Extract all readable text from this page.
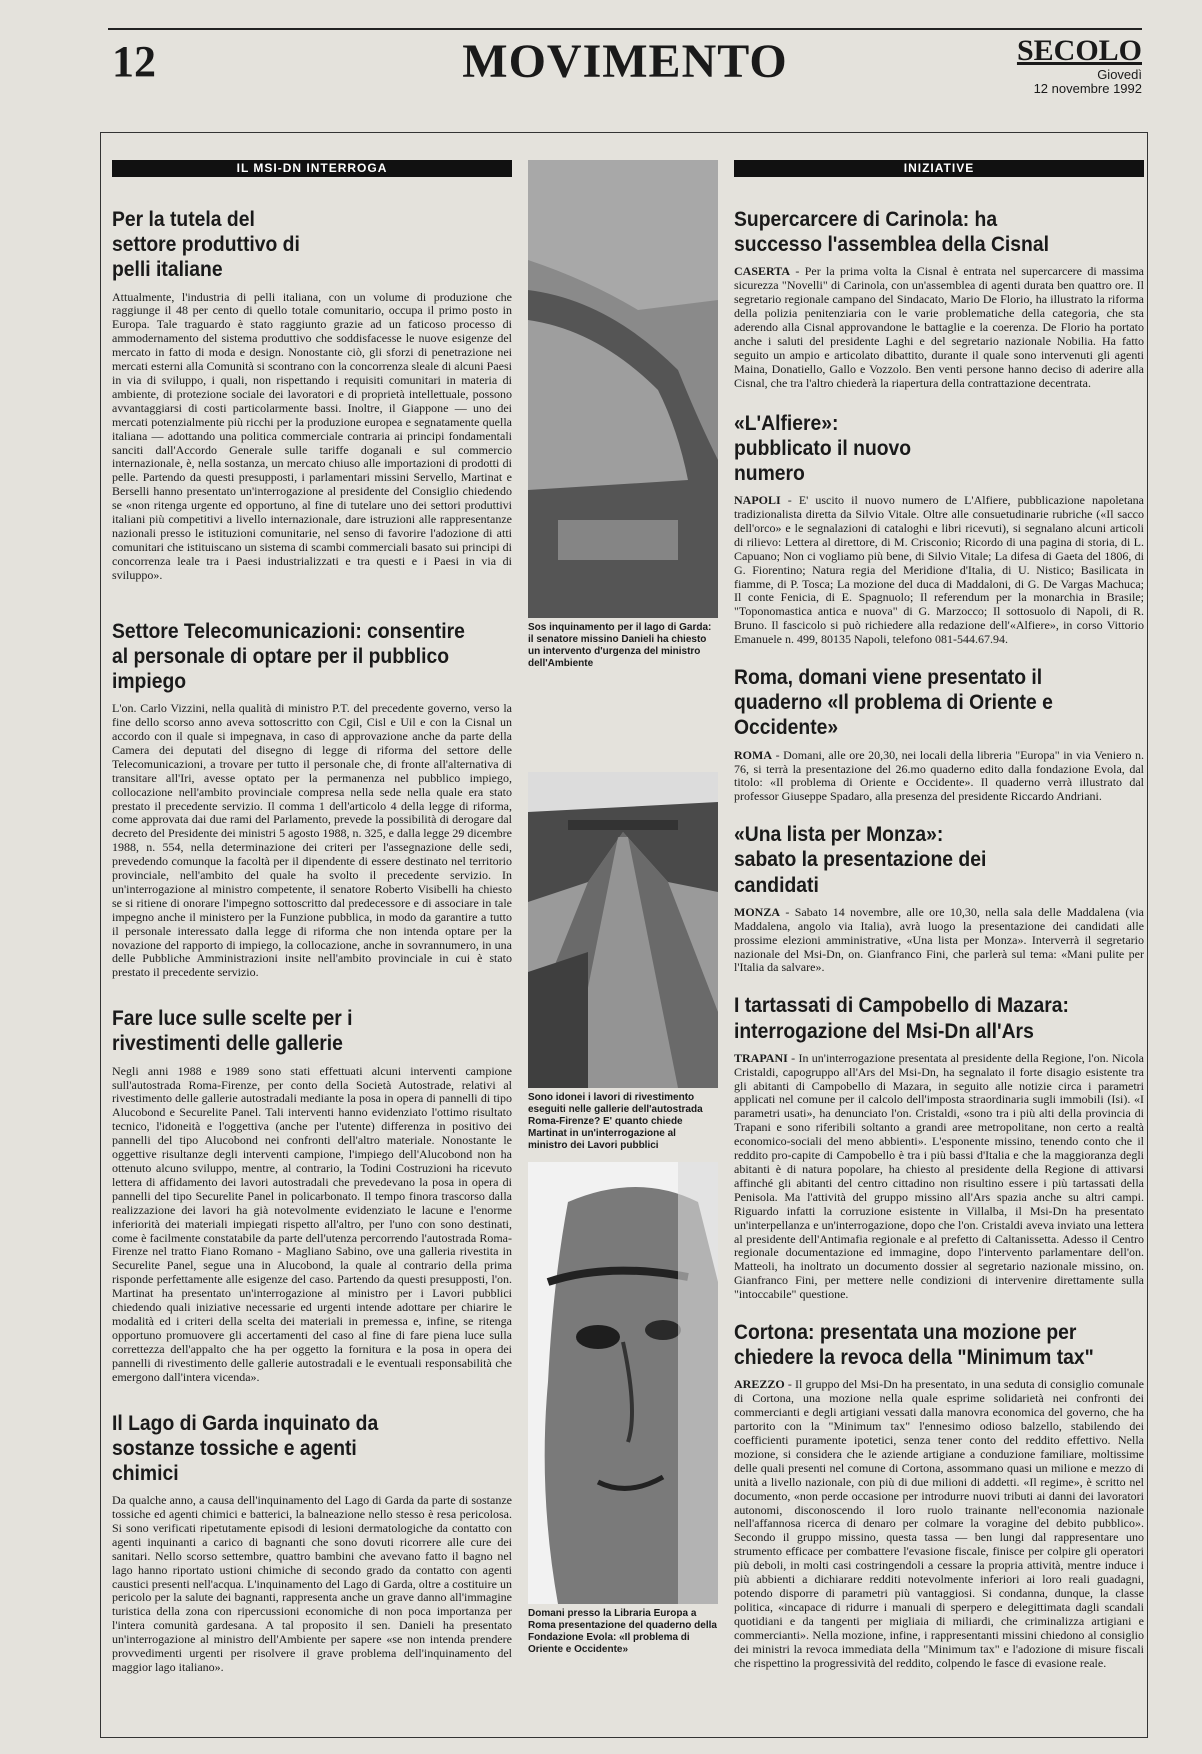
12	MOVIMENTO	SECOLO
Giovedì
12 novembre 1992
IL MSI-DN INTERROGA
Per la tutela del settore produttivo di pelli italiane

Attualmente, l'industria di pelli italiana, con un volume di produzione che raggiunge il 48 per cento di quello totale comunitario, occupa il primo posto in Europa. Tale traguardo è stato raggiunto grazie ad un faticoso processo di ammodernamento del sistema produttivo che soddisfacesse le nuove esigenze del mercato in fatto di moda e design. Nonostante ciò, gli sforzi di penetrazione nei mercati esterni alla Comunità si scontrano con la concorrenza sleale di alcuni Paesi in via di sviluppo, i quali, non rispettando i requisiti comunitari in materia di ambiente, di protezione sociale dei lavoratori e di proprietà intellettuale, possono avvantaggiarsi di costi particolarmente bassi. Inoltre, il Giappone — uno dei mercati potenzialmente più ricchi per la produzione europea e segnatamente quella italiana — adottando una politica commerciale contraria ai principi fondamentali sanciti dall'Accordo Generale sulle tariffe doganali e sul commercio internazionale, è, nella sostanza, un mercato chiuso alle importazioni di prodotti di pelle. Partendo da questi presupposti, i parlamentari missini Servello, Martinat e Berselli hanno presentato un'interrogazione al presidente del Consiglio chiedendo se «non ritenga urgente ed opportuno, al fine di tutelare uno dei settori produttivi italiani più competitivi a livello internazionale, dare istruzioni alle rappresentanze nazionali presso le istituzioni comunitarie, nel senso di favorire l'adozione di atti comunitari che istituiscano un sistema di scambi commerciali basato sui principi di concorrenza leale tra i Paesi industrializzati e tra questi e i Paesi in via di sviluppo».

Settore Telecomunicazioni: consentire al personale di optare per il pubblico impiego

L'on. Carlo Vizzini, nella qualità di ministro P.T. del precedente governo, verso la fine dello scorso anno aveva sottoscritto con Cgil, Cisl e Uil e con la Cisnal un accordo con il quale si impegnava, in caso di approvazione anche da parte della Camera dei deputati del disegno di legge di riforma del settore delle Telecomunicazioni, a trovare per tutto il personale che, di fronte all'alternativa di transitare all'Iri, avesse optato per la permanenza nel pubblico impiego, collocazione nell'ambito provinciale compresa nella sede nella quale era stato prestato il precedente servizio. Il comma 1 dell'articolo 4 della legge di riforma, come approvata dai due rami del Parlamento, prevede la possibilità di derogare dal decreto del Presidente dei ministri 5 agosto 1988, n. 325, e dalla legge 29 dicembre 1988, n. 554, nella determinazione dei criteri per l'assegnazione delle sedi, prevedendo comunque la facoltà per il dipendente di essere destinato nel territorio provinciale, nell'ambito del quale ha svolto il precedente servizio. In un'interrogazione al ministro competente, il senatore Roberto Visibelli ha chiesto se si ritiene di onorare l'impegno sottoscritto dal predecessore e di associare in tale impegno anche il ministero per la Funzione pubblica, in modo da garantire a tutto il personale interessato dalla legge di riforma che non intenda optare per la novazione del rapporto di impiego, la collocazione, anche in sovrannumero, in una delle Pubbliche Amministrazioni insite nell'ambito provinciale in cui è stato prestato il precedente servizio.

Fare luce sulle scelte per i rivestimenti delle gallerie

Negli anni 1988 e 1989 sono stati effettuati alcuni interventi campione sull'autostrada Roma-Firenze, per conto della Società Autostrade, relativi al rivestimento delle gallerie autostradali mediante la posa in opera di pannelli di tipo Alucobond e Securelite Panel. Tali interventi hanno evidenziato l'ottimo risultato tecnico, l'idoneità e l'oggettiva (anche per l'utente) differenza in positivo dei pannelli del tipo Alucobond nei confronti dell'altro materiale. Nonostante le oggettive risultanze degli interventi campione, l'impiego dell'Alucobond non ha ottenuto alcuno sviluppo, mentre, al contrario, la Todini Costruzioni ha ricevuto lettera di affidamento dei lavori autostradali che prevedevano la posa in opera di pannelli del tipo Securelite Panel in policarbonato. Il tempo finora trascorso dalla realizzazione dei lavori ha già notevolmente evidenziato le lacune e l'enorme inferiorità dei materiali impiegati rispetto all'altro, per l'uno con sono destinati, come è facilmente constatabile da parte dell'utenza percorrendo l'autostrada Roma-Firenze nel tratto Fiano Romano - Magliano Sabino, ove una galleria rivestita in Securelite Panel, segue una in Alucobond, la quale al contrario della prima risponde perfettamente alle esigenze del caso. Partendo da questi presupposti, l'on. Martinat ha presentato un'interrogazione al ministro per i Lavori pubblici chiedendo quali iniziative necessarie ed urgenti intende adottare per chiarire le modalità ed i criteri della scelta dei materiali in premessa e, infine, se ritenga opportuno promuovere gli accertamenti del caso al fine di fare piena luce sulla correttezza dell'appalto che ha per oggetto la fornitura e la posa in opera dei pannelli di rivestimento delle gallerie autostradali e le eventuali responsabilità che emergono dall'intera vicenda».

Il Lago di Garda inquinato da sostanze tossiche e agenti chimici

Da qualche anno, a causa dell'inquinamento del Lago di Garda da parte di sostanze tossiche ed agenti chimici e batterici, la balneazione nello stesso è resa pericolosa. Si sono verificati ripetutamente episodi di lesioni dermatologiche da contatto con agenti inquinanti a carico di bagnanti che sono dovuti ricorrere alle cure dei sanitari. Nello scorso settembre, quattro bambini che avevano fatto il bagno nel lago hanno riportato ustioni chimiche di secondo grado da contatto con agenti caustici presenti nell'acqua. L'inquinamento del Lago di Garda, oltre a costituire un pericolo per la salute dei bagnanti, rappresenta anche un grave danno all'immagine turistica della zona con ripercussioni economiche di non poca importanza per l'intera comunità gardesana. A tal proposito il sen. Danieli ha presentato un'interrogazione al ministro dell'Ambiente per sapere «se non intenda prendere provvedimenti urgenti per risolvere il grave problema dell'inquinamento del maggior lago italiano».

Sos inquinamento per il lago di Garda: il senatore missino Danieli ha chiesto un intervento d'urgenza del ministro dell'Ambiente

Sono idonei i lavori di rivestimento eseguiti nelle gallerie dell'autostrada Roma-Firenze? E' quanto chiede Martinat in un'interrogazione al ministro dei Lavori pubblici

Domani presso la Libraria Europa a Roma presentazione del quaderno della Fondazione Evola: «Il problema di Oriente e Occidente»

INIZIATIVE
Supercarcere di Carinola: ha successo l'assemblea della Cisnal

CASERTA - Per la prima volta la Cisnal è entrata nel supercarcere di massima sicurezza "Novelli" di Carinola, con un'assemblea di agenti durata ben quattro ore. Il segretario regionale campano del Sindacato, Mario De Florio, ha illustrato la riforma della polizia penitenziaria con le varie problematiche della categoria, che sta aderendo alla Cisnal approvandone le battaglie e la coerenza. De Florio ha portato anche i saluti del presidente Laghi e del segretario nazionale Nobilia. Ha fatto seguito un ampio e articolato dibattito, durante il quale sono intervenuti gli agenti Maina, Donatiello, Gallo e Vozzolo. Ben venti persone hanno deciso di aderire alla Cisnal, che tra l'altro chiederà la riapertura della contrattazione decentrata.

«L'Alfiere»: pubblicato il nuovo numero

NAPOLI - E' uscito il nuovo numero de L'Alfiere, pubblicazione napoletana tradizionalista diretta da Silvio Vitale. Oltre alle consuetudinarie rubriche («Il sacco dell'orco» e le segnalazioni di cataloghi e libri ricevuti), si segnalano alcuni articoli di rilievo: Lettera al direttore, di M. Crisconio; Ricordo di una pagina di storia, di L. Capuano; Non ci vogliamo più bene, di Silvio Vitale; La difesa di Gaeta del 1806, di G. Fiorentino; Natura regia del Meridione d'Italia, di U. Nistico; Basilicata in fiamme, di P. Tosca; La mozione del duca di Maddaloni, di G. De Vargas Machuca; Il conte Fenicia, di E. Spagnuolo; Il referendum per la monarchia in Brasile; "Toponomastica antica e nuova" di G. Marzocco; Il sottosuolo di Napoli, di R. Bruno. Il fascicolo si può richiedere alla redazione dell'«Alfiere», in corso Vittorio Emanuele n. 499, 80135 Napoli, telefono 081-544.67.94.

Roma, domani viene presentato il quaderno «Il problema di Oriente e Occidente»

ROMA - Domani, alle ore 20,30, nei locali della libreria "Europa" in via Veniero n. 76, si terrà la presentazione del 26.mo quaderno edito dalla fondazione Evola, dal titolo: «Il problema di Oriente e Occidente». Il quaderno verrà illustrato dal professor Giuseppe Spadaro, alla presenza del presidente Riccardo Andriani.

«Una lista per Monza»: sabato la presentazione dei candidati

MONZA - Sabato 14 novembre, alle ore 10,30, nella sala delle Maddalena (via Maddalena, angolo via Italia), avrà luogo la presentazione dei candidati alle prossime elezioni amministrative, «Una lista per Monza». Interverrà il segretario nazionale del Msi-Dn, on. Gianfranco Fini, che parlerà sul tema: «Mani pulite per l'Italia da salvare».

I tartassati di Campobello di Mazara: interrogazione del Msi-Dn all'Ars

TRAPANI - In un'interrogazione presentata al presidente della Regione, l'on. Nicola Cristaldi, capogruppo all'Ars del Msi-Dn, ha segnalato il forte disagio esistente tra gli abitanti di Campobello di Mazara, in seguito alle notizie circa i parametri applicati nel comune per il calcolo dell'imposta straordinaria sugli immobili (Isi). «I parametri usati», ha denunciato l'on. Cristaldi, «sono tra i più alti della provincia di Trapani e sono riferibili soltanto a grandi aree metropolitane, non certo a realtà economico-sociali del meno abbienti». L'esponente missino, tenendo conto che il reddito pro-capite di Campobello è tra i più bassi d'Italia e che la maggioranza degli abitanti è di natura popolare, ha chiesto al presidente della Regione di attivarsi affinché gli abitanti del centro cittadino non risultino essere i più tartassati della Penisola. Ma l'attività del gruppo missino all'Ars spazia anche su altri campi. Riguardo infatti la corruzione esistente in Villalba, il Msi-Dn ha presentato un'interpellanza e un'interrogazione, dopo che l'on. Cristaldi aveva inviato una lettera al presidente dell'Antimafia regionale e al prefetto di Caltanissetta. Adesso il Centro regionale documentazione ed immagine, dopo l'intervento parlamentare dell'on. Matteoli, ha inoltrato un documento dossier al segretario nazionale missino, on. Gianfranco Fini, per mettere nelle condizioni di intervenire direttamente sulla "intoccabile" questione.

Cortona: presentata una mozione per chiedere la revoca della "Minimum tax"

AREZZO - Il gruppo del Msi-Dn ha presentato, in una seduta di consiglio comunale di Cortona, una mozione nella quale esprime solidarietà nei confronti dei commercianti e degli artigiani vessati dalla manovra economica del governo, che ha partorito con la "Minimum tax" l'ennesimo odioso balzello, stabilendo dei coefficienti puramente ipotetici, senza tener conto del reddito effettivo. Nella mozione, si considera che le aziende artigiane a conduzione familiare, moltissime delle quali presenti nel comune di Cortona, assommano quasi un milione e mezzo di unità a livello nazionale, con più di due milioni di addetti. «Il regime», è scritto nel documento, «non perde occasione per introdurre nuovi tributi ai danni dei lavoratori autonomi, disconoscendo il loro ruolo trainante nell'economia nazionale nell'affannosa ricerca di denaro per colmare la voragine del debito pubblico». Secondo il gruppo missino, questa tassa — ben lungi dal rappresentare uno strumento efficace per combattere l'evasione fiscale, finisce per colpire gli operatori più deboli, in molti casi costringendoli a cessare la propria attività, mentre induce i più abbienti a dichiarare redditi notevolmente inferiori ai loro reali guadagni, potendo disporre di parametri più vantaggiosi. Si condanna, dunque, la classe politica, «incapace di ridurre i manuali di sperpero e delegittimata dagli scandali quotidiani e da tangenti per migliaia di miliardi, che criminalizza artigiani e commercianti». Nella mozione, infine, i rappresentanti missini chiedono al consiglio dei ministri la revoca immediata della "Minimum tax" e l'adozione di misure fiscali che rispettino la progressività del reddito, colpendo le fasce di evasione reale.
